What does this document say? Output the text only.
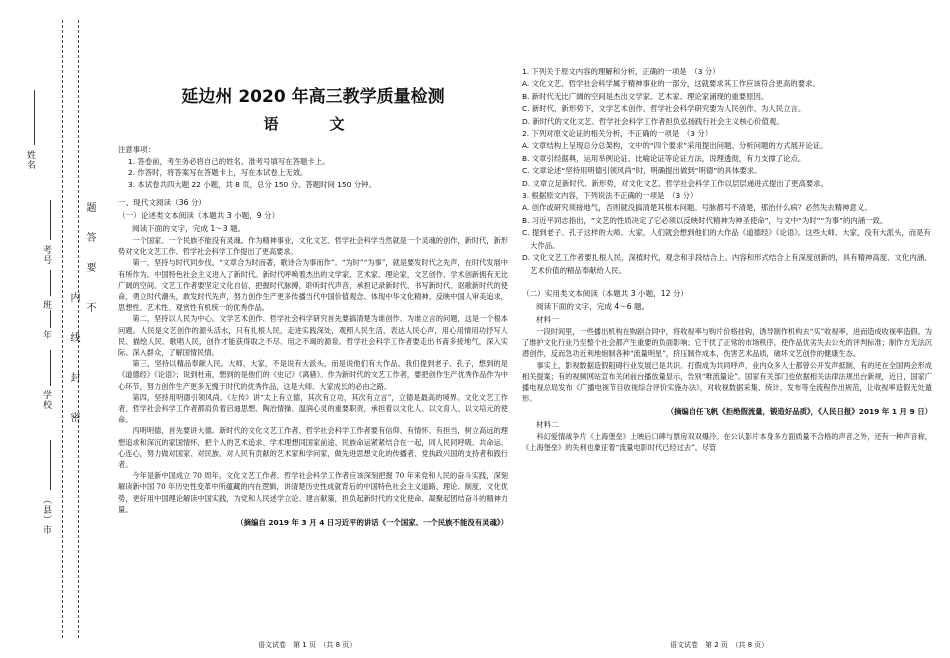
姓名
考号
班
年
学校
（县）市
密
封
线
内
不
要
答
题
延边州 2020 年高三教学质量检测
语　文

注意事项：

1. 答卷前，考生务必将自己的姓名、准考号填写在答题卡上。

2. 作答时，将答案写在答题卡上，写在本试卷上无效。

3. 本试卷共四大题 22 小题，共 8 页，总分 150 分。答题时间 150 分钟。

一、现代文阅读（36 分）

（一）论述类文本阅读（本题共 3 小题，9 分）

阅读下面的文字，完成 1～3 题。

一个国家、一个民族不能没有灵魂。作为精神事业，文化文艺、哲学社会科学当然就是一个灵魂的创作，新时代，新形势对文化文艺工作、哲学社会科学工作提出了更高要求。

第一，坚持与时代同步伐。“文章合为时而著，歌诗合为事而作”。“为时”“为事”，就是要发时代之先声，在时代发展中有所作为。中国特色社会主义进入了新时代。新时代呼唤着杰出的文学家、艺术家、理论家，文艺创作、学术创新拥有无比广阔的空间。文艺工作者要坚定文化自信，把握时代脉搏，聆听时代声音，承担记录新时代、书写新时代、讴歌新时代的使命，勇立时代潮头，敢发时代先声，努力创作生产更多传播当代中国价值观念、体现中华文化精神、反映中国人审美追求，思想性、艺术性、观赏性有机统一的优秀作品。

第二，坚持以人民为中心。文学艺术创作、哲学社会科学研究首先要搞清楚为谁创作、为谁立言的问题，这是一个根本问题。人民是文艺创作的源头活水，只有扎根人民，走进实践深处，观照人民生活，表达人民心声，用心用情用功抒写人民、描绘人民、歌唱人民，创作才能获得取之不尽、用之不竭的源泉。哲学社会科学工作者要走出书斋多接地气，深入实际、深入群众，了解国情民情。

第三，坚持以精品奉献人民。大师、大家，不是说有大派头，而是说他们有大作品。我们提到老子、孔子，想到的是《道德经》《论语》；说到杜甫，想到的是他们的《史记》《离骚》。作为新时代的文艺工作者，要把创作生产优秀作品作为中心环节，努力创作生产更多无愧于时代的优秀作品，这是大师、大家成长的必由之路。

第四，坚持用明德引领风尚。《左传》讲“太上有立德，其次有立功，其次有立言”，立德是最高的境界。文化文艺工作者、哲学社会科学工作者都肩负着启迪思想、陶冶情操、温润心灵的重要职责，承担着以文化人、以文育人、以文培元的使命。

丙明明德，首先要讲大德。新时代的文化文艺工作者、哲学社会科学工作者要有信仰、有情怀、有担当，树立高远的理想追求和深沉的家国情怀，把个人的艺术追求、学术理想同国家前途、民族命运紧紧结合在一起，同人民同呼吸、共命运、心连心，努力做对国家、对民族、对人民有贡献的艺术家和学问家，做先进思想文化的传播者、党执政兴国的支持者和践行者。

今年是新中国成立 70 周年。文化文艺工作者、哲学社会科学工作者应该深刻把握 70 年来党和人民的奋斗实践，深刻解读新中国 70 年历史性变革中所蕴藏的内在逻辑，讲清楚历史性成就背后的中国特色社会主义道路、理论、制度、文化优势，更好用中国理论解读中国实践，为党和人民述学立论、建言献策，担负起新时代的文化使命、凝聚起团结奋斗的精神力量。

（摘编自 2019 年 3 月 4 日习近平的讲话《一个国家、一个民族不能没有灵魂》）

1. 下列关于原文内容的理解和分析，正确的一项是　（3 分）

A. 文化文艺、哲学社会科学属于精神事业的一部分，这就要求其工作应该符合更高的要求。

B. 新时代无比广阔的空间是杰出文学家、艺术家、理论家涌现的重要原因。

C. 新时代、新形势下，文学艺术创作、哲学社会科学研究要为人民创作、为人民立言。

D. 新时代的文化文艺、哲学社会科学工作者担负弘扬践行社会主义核心价值观。

2. 下列对原文论证的相关分析，不正确的一项是　（3 分）

A. 文章结构上呈现总分总架构，文中的“四个要求”采用提出问题、分析问题的方式展开论证。

B. 文章引经据典，运用举例论证、比喻论证等论证方法，说理透彻，有力支撑了论点。

C. 文章论述“坚持用明德引领风尚”时，明确提出做到“明德”的具体要求。

D. 文章立足新时代、新形势，对文化文艺、哲学社会科学工作以层层递进式提出了更高要求。

3. 根据原文内容，下列说法不正确的一项是　（3 分）

A. 创作或研究须接地气，否则就没搞清楚其根本问题。号脉都号不清楚，那治什么病？必然失去精神意义。

B. 习近平同志指出，“文艺的性质决定了它必须以反映时代精神为神圣使命”，与文中“为时”“为事”的内涵一致。

C. 提到老子、孔子这样的大师、大家，人们就会想到他们的大作品《道德经》《论语》。这些大师、大家，没有大派头，而是有大作品。

D. 文化文艺工作者要扎根人民，深植时代，观念和手段结合上、内容和形式结合上有深度创新的，具有精神高度、文化内涵、艺术价值的精品奉献给人民。

（二）实用类文本阅读（本题共 3 小题，12 分）

阅读下面的文字，完成 4～6 题。

材料一

一段时间里，一些播出机构在购剧合同中，将收视率与购片价格挂钩，诱导制作机构去“买”收视率，进而造成收视率造假。为了维护文化行业乃至整个社会都产生重要的负面影响；它干扰了正常的市场秩序，使作品优劣失去公允的评判标准；制作方无法沉潜创作，反而急功近利地炮制各种“流量明星”，挤压制作成本，伤害艺术品质，破坏文艺创作的健康生态。

事实上，影视数据造假阻碍行业发展已是共识。打假成为共同呼声，业内众多人士都曾公开发声抵制，有的还在全国两会形成相关提案；有的视频网站宣布关闭前台播放量显示，告别“唯流量论”。国家有关部门也依据相关法律法规出台新规，近日，国家广播电视总局发布《广播电视节目收视综合评价实施办法》，对收视数据采集、统计、发布等全流程作出规范，让收视率造假无处遁形。

（摘编自任飞帆《拒绝假流量，锻造好品质》，《人民日报》2019 年 1 月 9 日）

材料二

科幻爱情战争片《上海堡垒》上映后口碑与票房双双爆冷。在公认影片本身多方面质量不合格的声音之外，还有一种声音称，《上海堡垒》的失利也象征着“流量电影时代已经过去”。尽管

语文试卷　第 1 页　（共 8 页）	语文试卷　第 2 页　（共 8 页）
